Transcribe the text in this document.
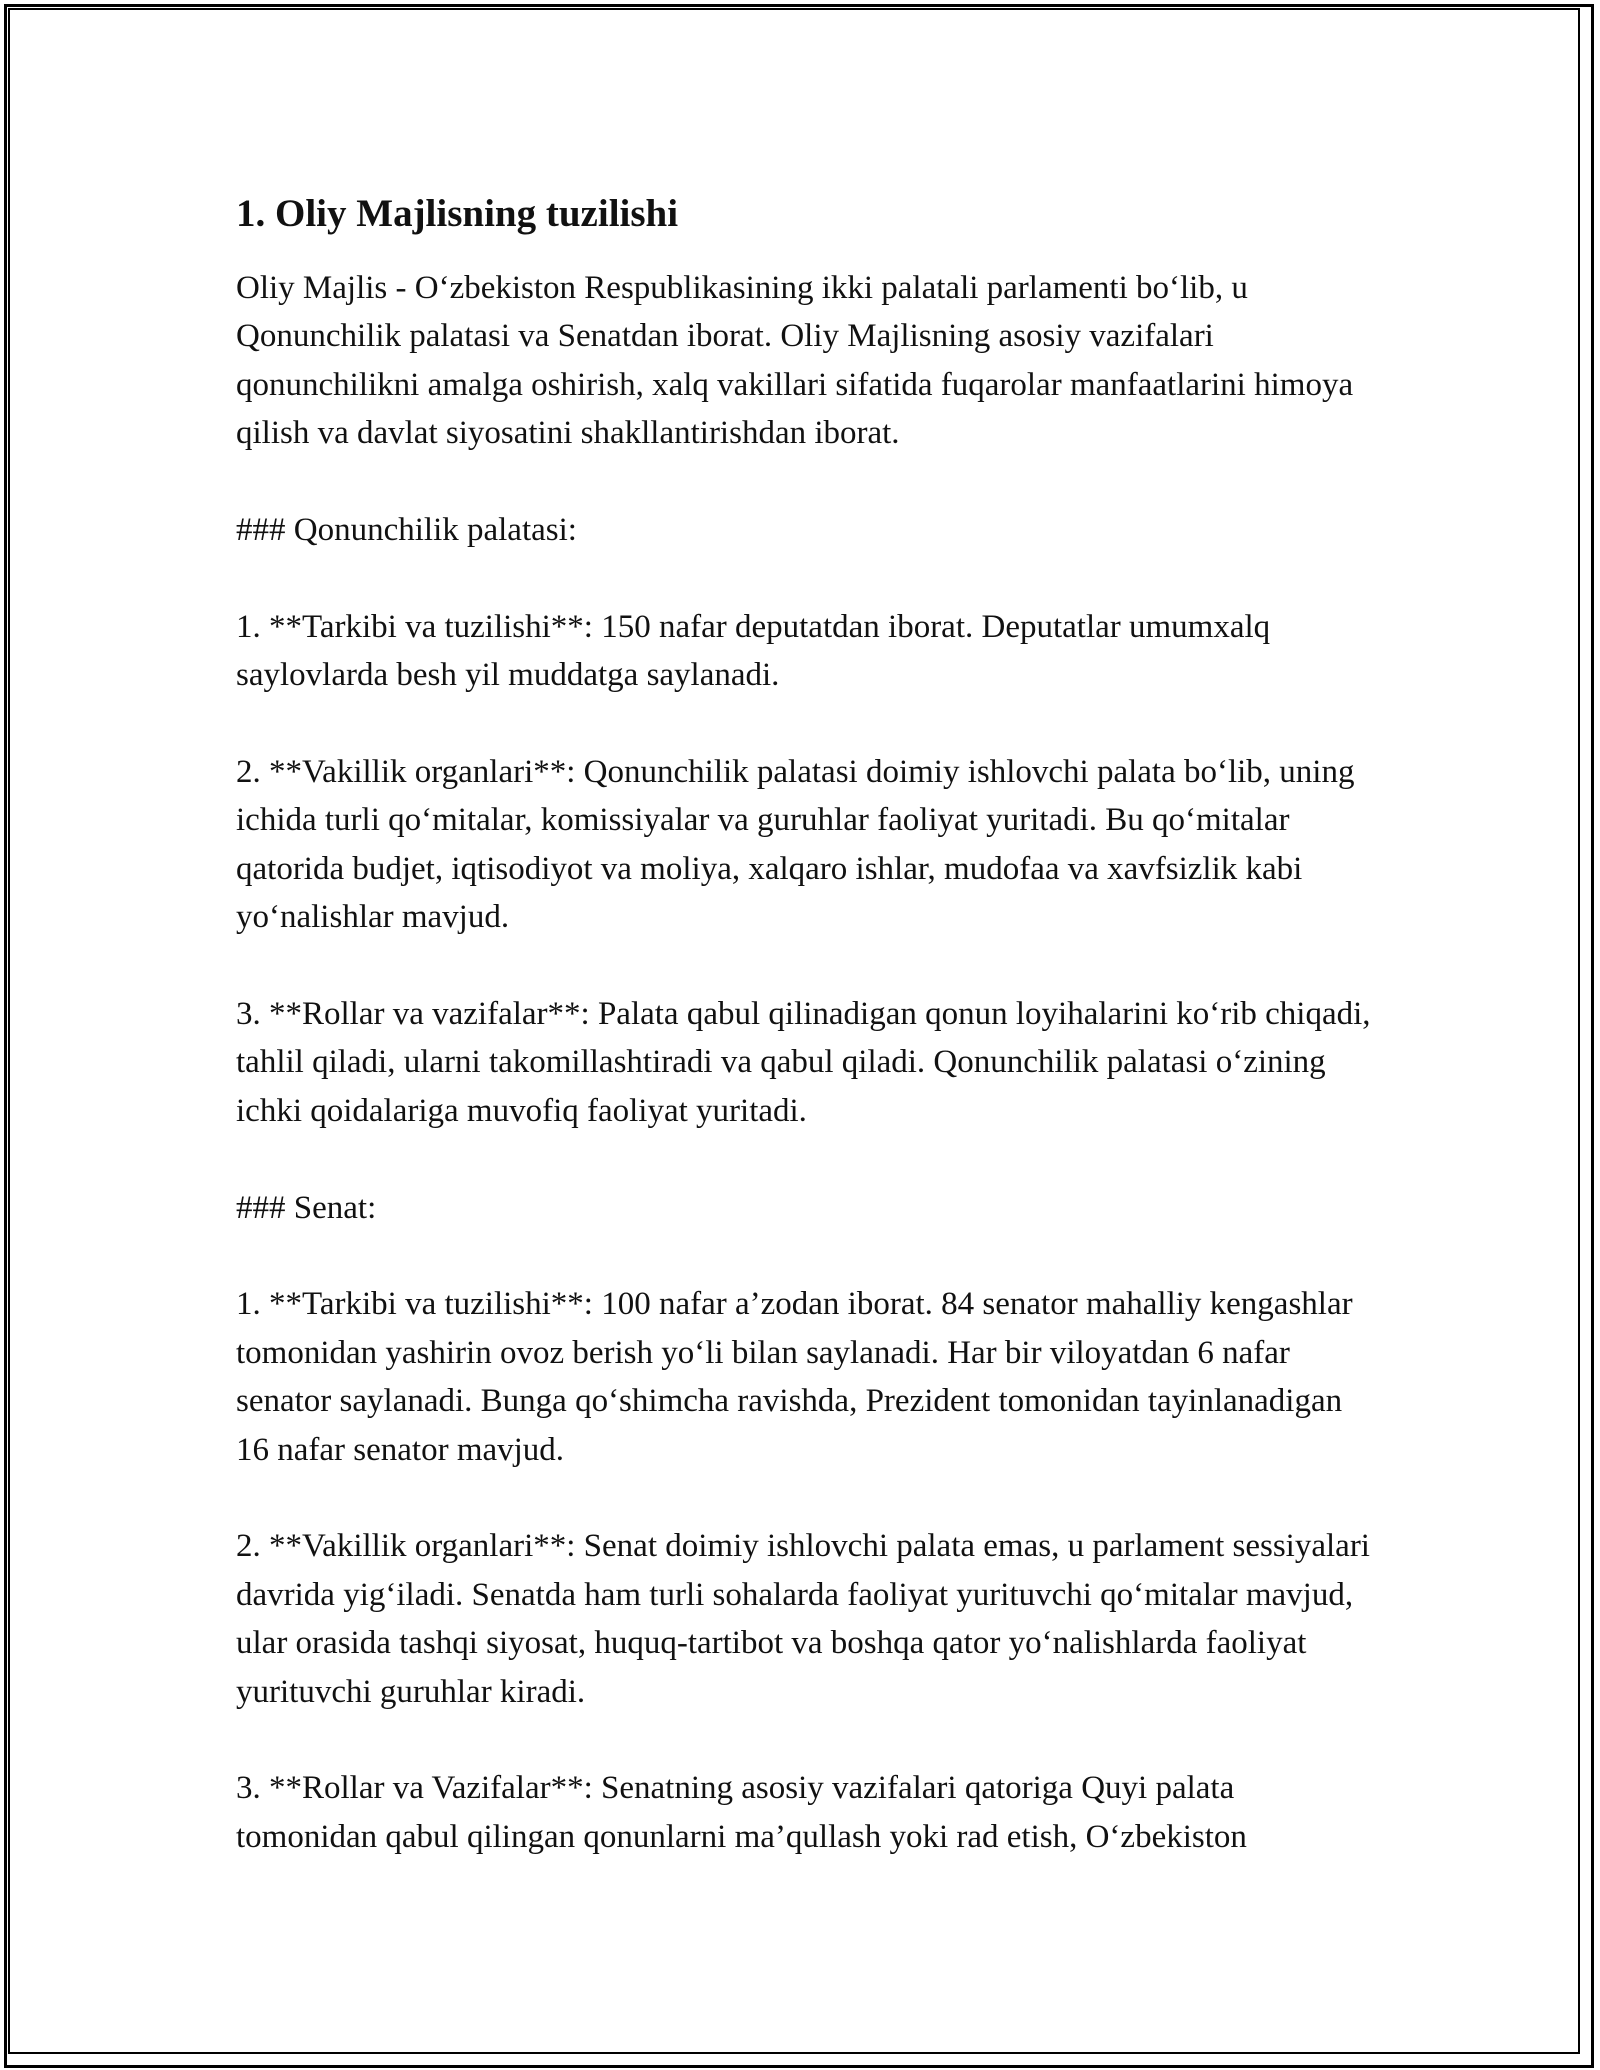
1. Oliy Majlisning tuzilishi

Oliy Majlis - O‘zbekiston Respublikasining ikki palatali parlamenti bo‘lib, u Qonunchilik palatasi va Senatdan iborat. Oliy Majlisning asosiy vazifalari qonunchilikni amalga oshirish, xalq vakillari sifatida fuqarolar manfaatlarini himoya qilish va davlat siyosatini shakllantirishdan iborat.

### Qonunchilik palatasi:

1. **Tarkibi va tuzilishi**: 150 nafar deputatdan iborat. Deputatlar umumxalq saylovlarda besh yil muddatga saylanadi.

2. **Vakillik organlari**: Qonunchilik palatasi doimiy ishlovchi palata bo‘lib, uning ichida turli qo‘mitalar, komissiyalar va guruhlar faoliyat yuritadi. Bu qo‘mitalar qatorida budjet, iqtisodiyot va moliya, xalqaro ishlar, mudofaa va xavfsizlik kabi yo‘nalishlar mavjud.

3. **Rollar va vazifalar**: Palata qabul qilinadigan qonun loyihalarini ko‘rib chiqadi, tahlil qiladi, ularni takomillashtiradi va qabul qiladi. Qonunchilik palatasi o‘zining ichki qoidalariga muvofiq faoliyat yuritadi.

### Senat:

1. **Tarkibi va tuzilishi**: 100 nafar a’zodan iborat. 84 senator mahalliy kengashlar tomonidan yashirin ovoz berish yo‘li bilan saylanadi. Har bir viloyatdan 6 nafar senator saylanadi. Bunga qo‘shimcha ravishda, Prezident tomonidan tayinlanadigan 16 nafar senator mavjud.

2. **Vakillik organlari**: Senat doimiy ishlovchi palata emas, u parlament sessiyalari davrida yig‘iladi. Senatda ham turli sohalarda faoliyat yurituvchi qo‘mitalar mavjud, ular orasida tashqi siyosat, huquq-tartibot va boshqa qator yo‘nalishlarda faoliyat yurituvchi guruhlar kiradi.

3. **Rollar va Vazifalar**: Senatning asosiy vazifalari qatoriga Quyi palata tomonidan qabul qilingan qonunlarni ma’qullash yoki rad etish, O‘zbekiston
